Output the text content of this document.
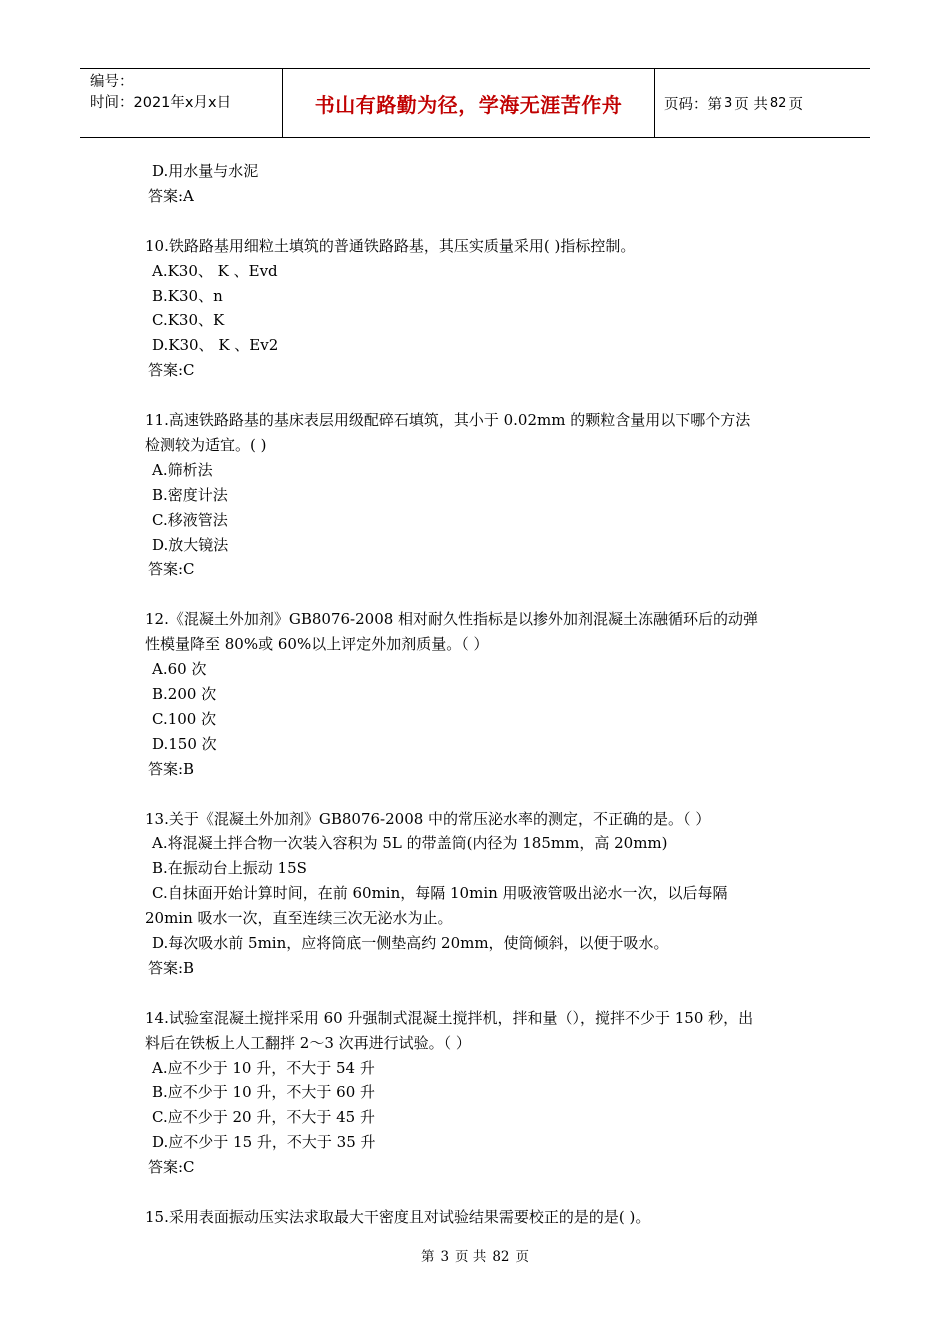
编号：
时间：2021年x月x日	书山有路勤为径，学海无涯苦作舟	页码：第 3 页 共 82 页
D.用水量与水泥
答案:A
10.铁路路基用细粒土填筑的普通铁路路基，其压实质量采用( )指标控制。
A.K30、 K 、Evd
B.K30、n
C.K30、K
D.K30、 K 、Ev2
答案:C
11.高速铁路路基的基床表层用级配碎石填筑，其小于 0.02mm 的颗粒含量用以下哪个方法
检测较为适宜。( )
A.筛析法
B.密度计法
C.移液管法
D.放大镜法
答案:C
12.《混凝土外加剂》GB8076-2008 相对耐久性指标是以掺外加剂混凝土冻融循环后的动弹
性模量降至 80%或 60%以上评定外加剂质量。（ ）
A.60 次
B.200 次
C.100 次
D.150 次
答案:B
13.关于《混凝土外加剂》GB8076-2008 中的常压泌水率的测定，不正确的是。（ ）
A.将混凝土拌合物一次装入容积为 5L 的带盖筒(内径为 185mm，高 20mm)
B.在振动台上振动 15S
C.自抹面开始计算时间，在前 60min，每隔 10min 用吸液管吸出泌水一次，以后每隔
20min 吸水一次，直至连续三次无泌水为止。
D.每次吸水前 5min，应将筒底一侧垫高约 20mm，使筒倾斜，以便于吸水。
答案:B
14.试验室混凝土搅拌采用 60 升强制式混凝土搅拌机，拌和量（），搅拌不少于 150 秒，出
料后在铁板上人工翻拌 2～3 次再进行试验。（ ）
A.应不少于 10 升，不大于 54 升
B.应不少于 10 升，不大于 60 升
C.应不少于 20 升，不大于 45 升
D.应不少于 15 升，不大于 35 升
答案:C
15.采用表面振动压实法求取最大干密度且对试验结果需要校正的是的是( )。
第 3 页 共 82 页
